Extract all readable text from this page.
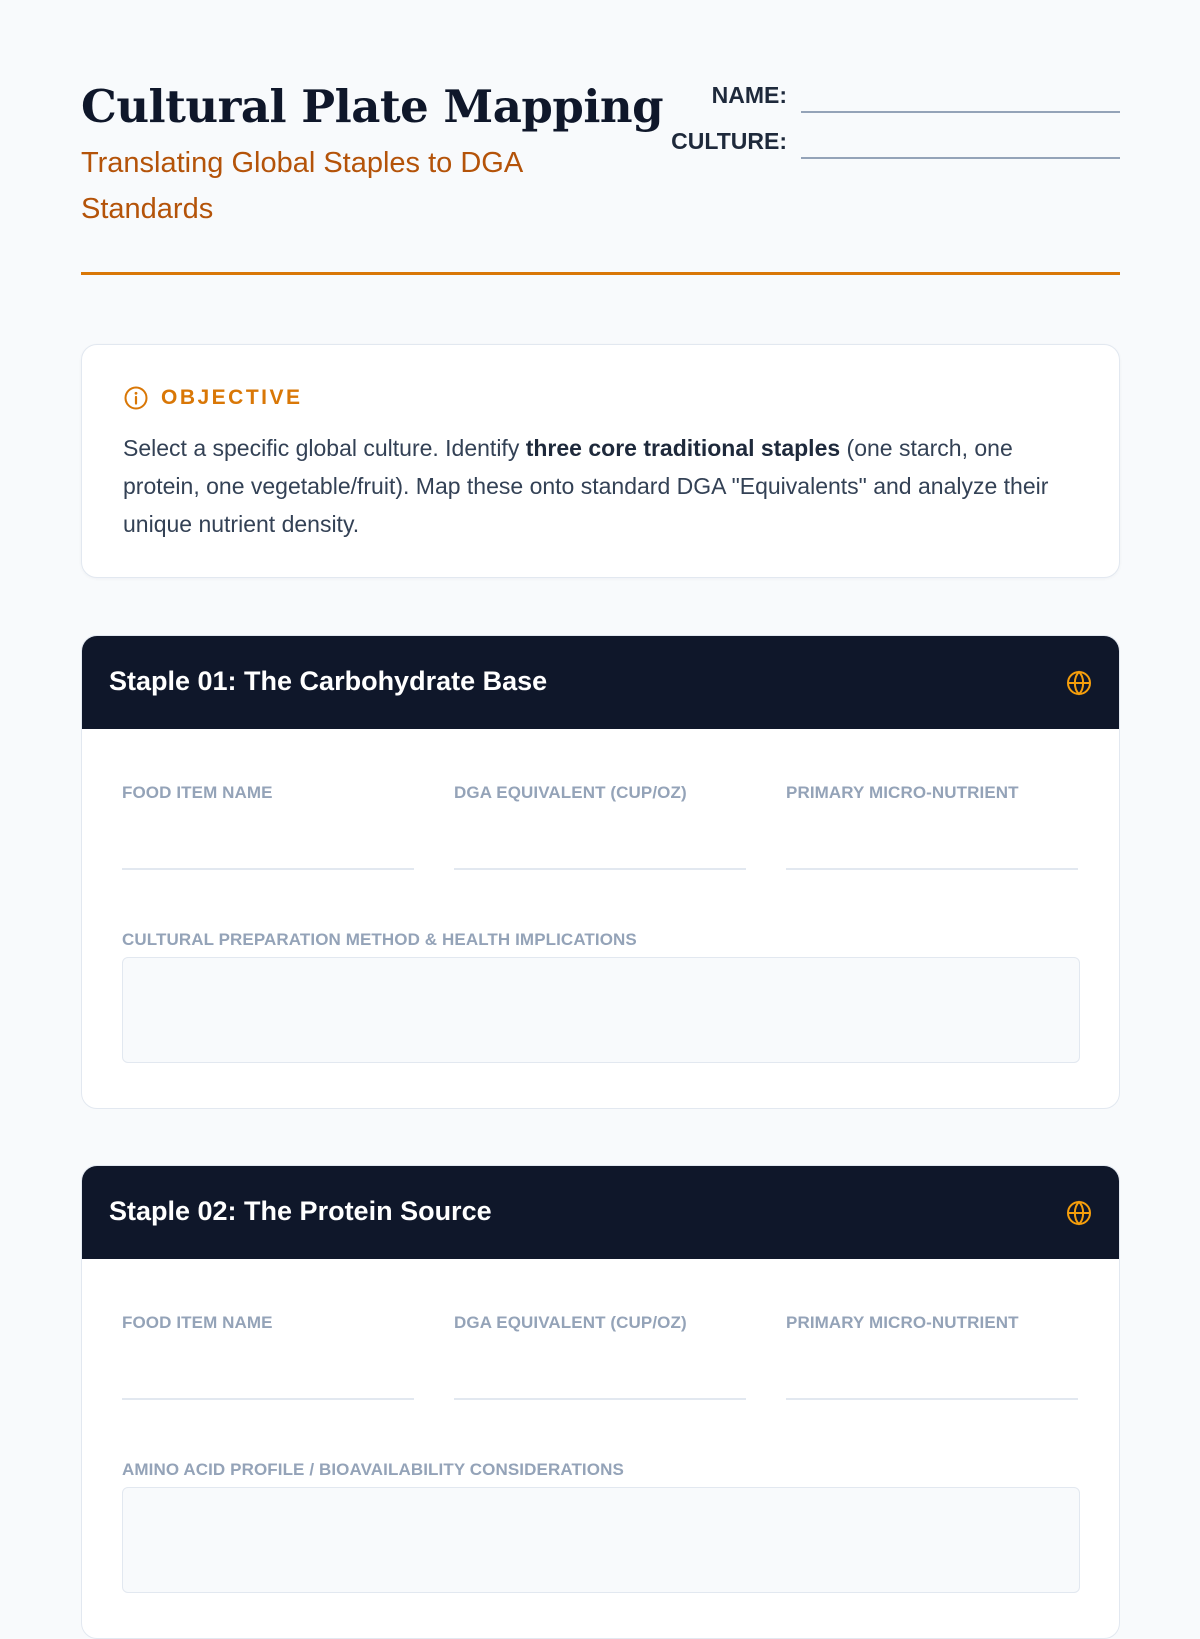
Cultural Plate Mapping

Translating Global Staples to DGA Standards

NAME:
CULTURE:
OBJECTIVE

Select a specific global culture. Identify three core traditional staples (one starch, one protein, one vegetable/fruit). Map these onto standard DGA "Equivalents" and analyze their unique nutrient density.

Staple 01: The Carbohydrate Base
FOOD ITEM NAME	DGA EQUIVALENT (CUP/OZ)	PRIMARY MICRO-NUTRIENT
CULTURAL PREPARATION METHOD & HEALTH IMPLICATIONS
Staple 02: The Protein Source
FOOD ITEM NAME	DGA EQUIVALENT (CUP/OZ)	PRIMARY MICRO-NUTRIENT
AMINO ACID PROFILE / BIOAVAILABILITY CONSIDERATIONS
